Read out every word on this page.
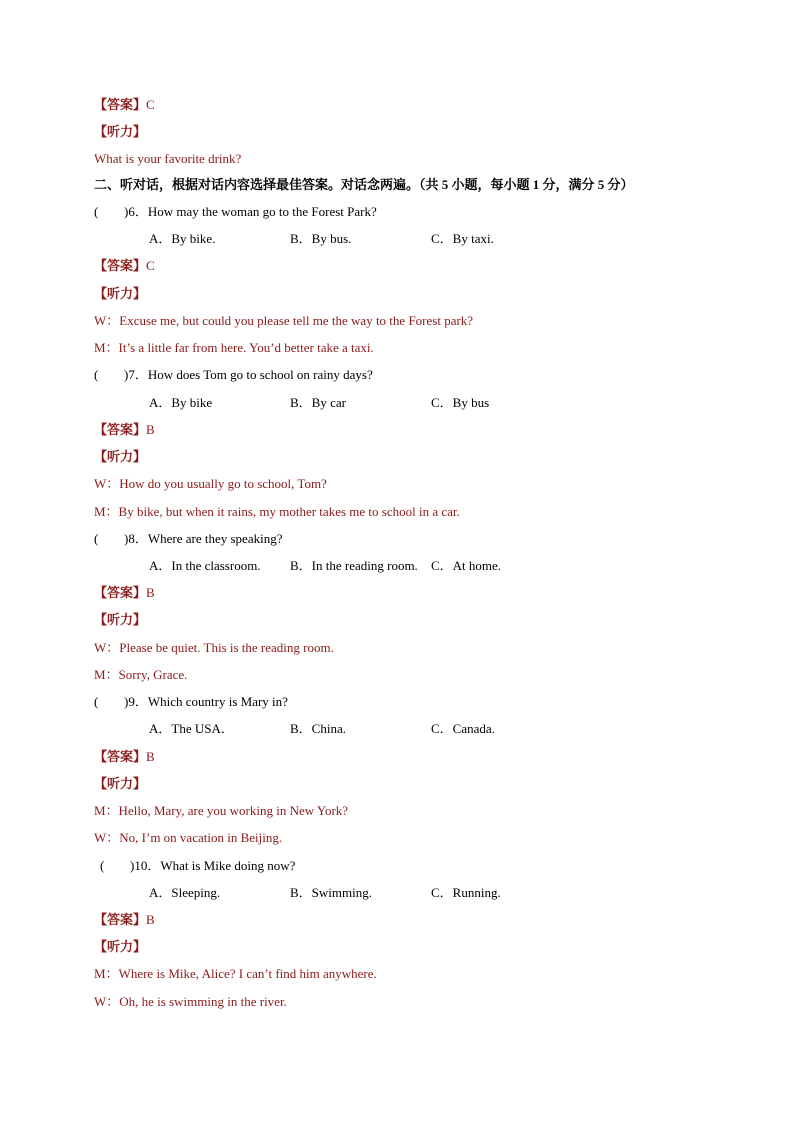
【答案】C
【听力】
What is your favorite drink?
二、听对话，根据对话内容选择最佳答案。对话念两遍。（共 5 小题，每小题 1 分，满分 5 分）
( )6．How may the woman go to the Forest Park?
A．By bike.	B．By bus.	C．By taxi.
【答案】C
【听力】
W：Excuse me, but could you please tell me the way to the Forest park?
M：It’s a little far from here. You’d better take a taxi.
( )7．How does Tom go to school on rainy days?
A．By bike	B．By car	C．By bus
【答案】B
【听力】
W：How do you usually go to school, Tom?
M：By bike, but when it rains, my mother takes me to school in a car.
( )8．Where are they speaking?
A．In the classroom. B．In the reading room. C．At home.
【答案】B
【听力】
W：Please be quiet. This is the reading room.
M：Sorry, Grace.
( )9．Which country is Mary in?
A．The USA．	B．China.	C．Canada.
【答案】B
【听力】
M：Hello, Mary, are you working in New York?
W：No, I’m on vacation in Beijing.
( )10．What is Mike doing now?
A．Sleeping.	B．Swimming.	C．Running.
【答案】B
【听力】
M：Where is Mike, Alice? I can’t find him anywhere.
W：Oh, he is swimming in the river.
